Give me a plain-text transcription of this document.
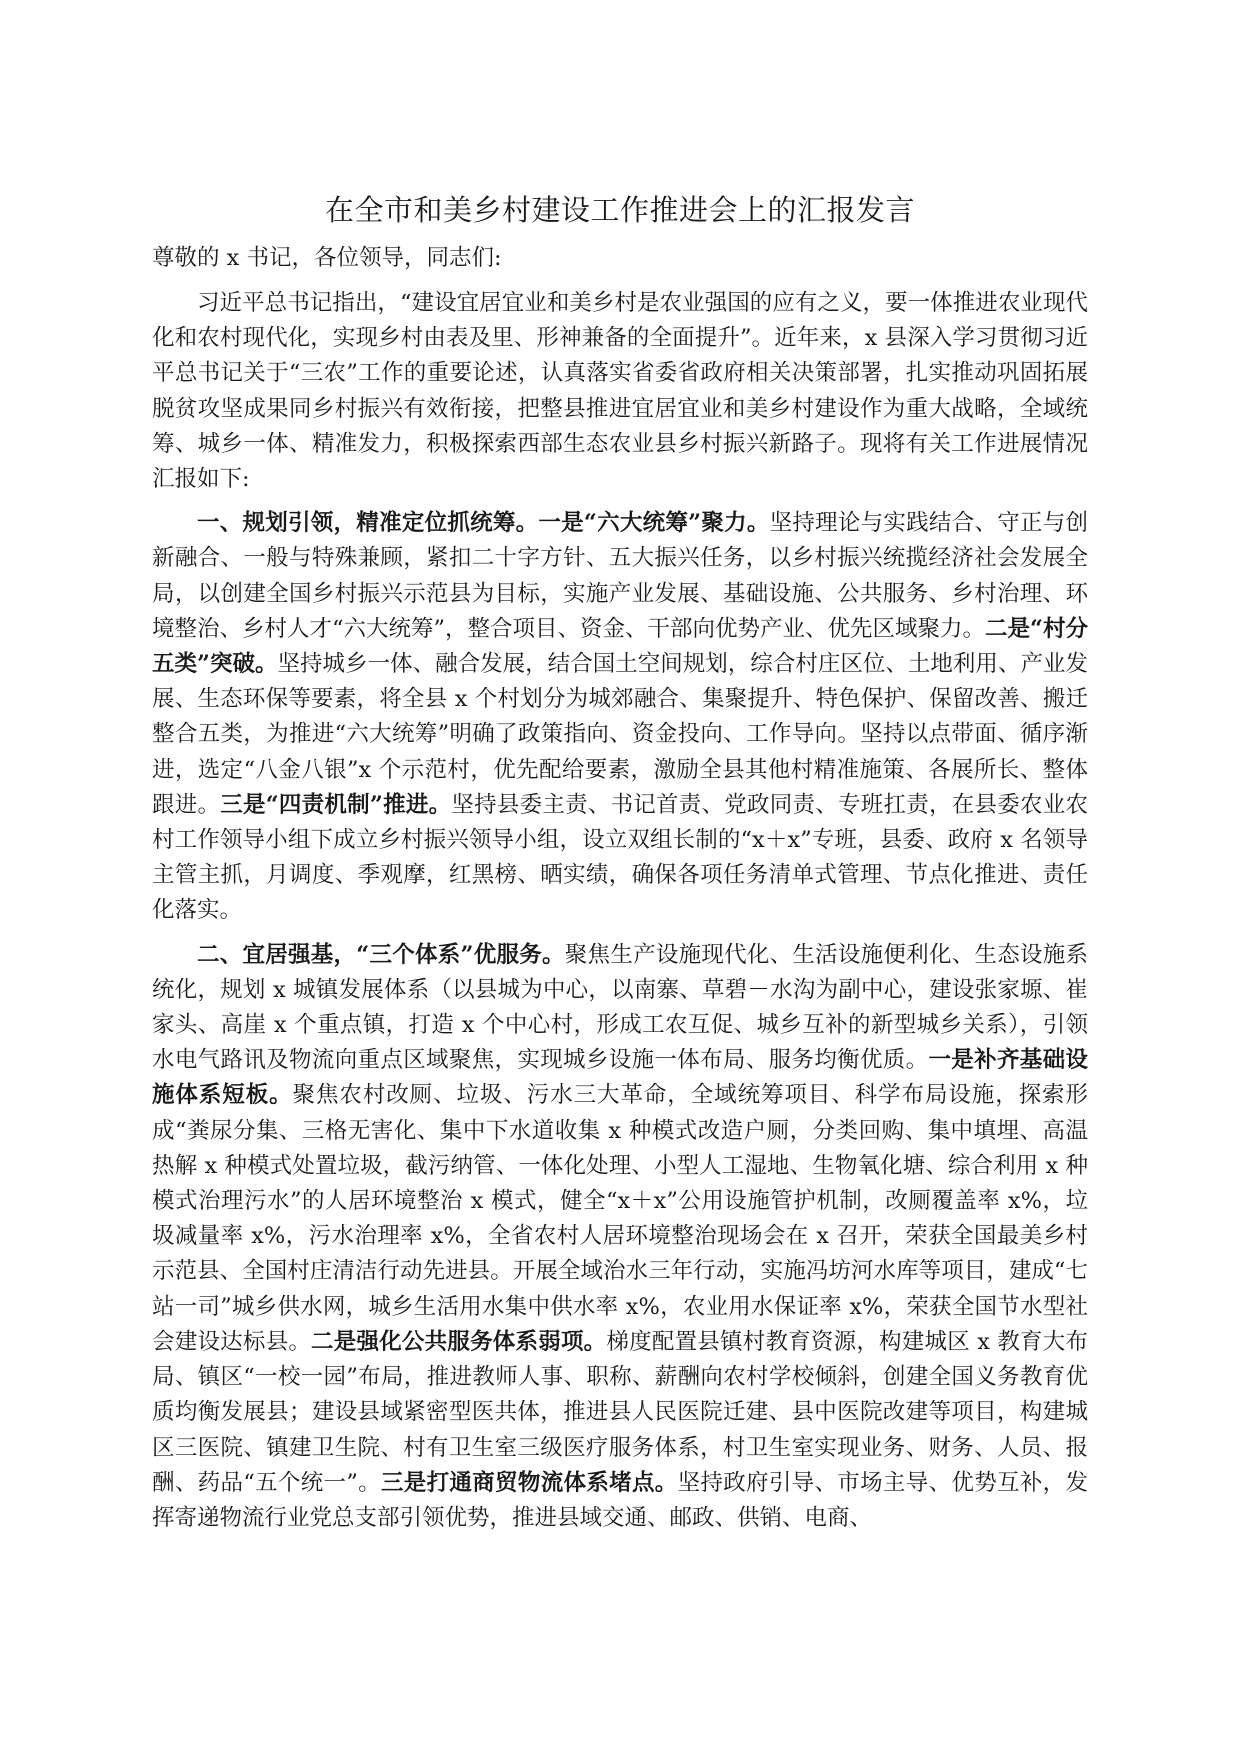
在全市和美乡村建设工作推进会上的汇报发言

尊敬的 x 书记，各位领导，同志们:

习近平总书记指出，“建设宜居宜业和美乡村是农业强国的应有之义，要一体推进农业现代化和农村现代化，实现乡村由表及里、形神兼备的全面提升”。近年来，x 县深入学习贯彻习近平总书记关于“三农”工作的重要论述，认真落实省委省政府相关决策部署，扎实推动巩固拓展脱贫攻坚成果同乡村振兴有效衔接，把整县推进宜居宜业和美乡村建设作为重大战略，全域统筹、城乡一体、精准发力，积极探索西部生态农业县乡村振兴新路子。现将有关工作进展情况汇报如下:

一、规划引领，精准定位抓统筹。一是“六大统筹”聚力。坚持理论与实践结合、守正与创新融合、一般与特殊兼顾，紧扣二十字方针、五大振兴任务，以乡村振兴统揽经济社会发展全局，以创建全国乡村振兴示范县为目标，实施产业发展、基础设施、公共服务、乡村治理、环境整治、乡村人才“六大统筹”，整合项目、资金、干部向优势产业、优先区域聚力。二是“村分五类”突破。坚持城乡一体、融合发展，结合国土空间规划，综合村庄区位、土地利用、产业发展、生态环保等要素，将全县 x 个村划分为城郊融合、集聚提升、特色保护、保留改善、搬迁整合五类，为推进“六大统筹”明确了政策指向、资金投向、工作导向。坚持以点带面、循序渐进，选定“八金八银”x 个示范村，优先配给要素，激励全县其他村精准施策、各展所长、整体跟进。三是“四责机制”推进。坚持县委主责、书记首责、党政同责、专班扛责，在县委农业农村工作领导小组下成立乡村振兴领导小组，设立双组长制的“x＋x”专班，县委、政府 x 名领导主管主抓，月调度、季观摩，红黑榜、晒实绩，确保各项任务清单式管理、节点化推进、责任化落实。

二、宜居强基，“三个体系”优服务。聚焦生产设施现代化、生活设施便利化、生态设施系统化，规划 x 城镇发展体系（以县城为中心，以南寨、草碧－水沟为副中心，建设张家塬、崔家头、高崖 x 个重点镇，打造 x 个中心村，形成工农互促、城乡互补的新型城乡关系），引领水电气路讯及物流向重点区域聚焦，实现城乡设施一体布局、服务均衡优质。一是补齐基础设施体系短板。聚焦农村改厕、垃圾、污水三大革命，全域统筹项目、科学布局设施，探索形成“粪尿分集、三格无害化、集中下水道收集 x 种模式改造户厕，分类回购、集中填埋、高温热解 x 种模式处置垃圾，截污纳管、一体化处理、小型人工湿地、生物氧化塘、综合利用 x 种模式治理污水”的人居环境整治 x 模式，健全“x＋x”公用设施管护机制，改厕覆盖率 x%，垃圾减量率 x%，污水治理率 x%，全省农村人居环境整治现场会在 x 召开，荣获全国最美乡村示范县、全国村庄清洁行动先进县。开展全域治水三年行动，实施冯坊河水库等项目，建成“七站一司”城乡供水网，城乡生活用水集中供水率 x%，农业用水保证率 x%，荣获全国节水型社会建设达标县。二是强化公共服务体系弱项。梯度配置县镇村教育资源，构建城区 x 教育大布局、镇区“一校一园”布局，推进教师人事、职称、薪酬向农村学校倾斜，创建全国义务教育优质均衡发展县；建设县域紧密型医共体，推进县人民医院迁建、县中医院改建等项目，构建城区三医院、镇建卫生院、村有卫生室三级医疗服务体系，村卫生室实现业务、财务、人员、报酬、药品“五个统一”。三是打通商贸物流体系堵点。坚持政府引导、市场主导、优势互补，发挥寄递物流行业党总支部引领优势，推进县域交通、邮政、供销、电商、
